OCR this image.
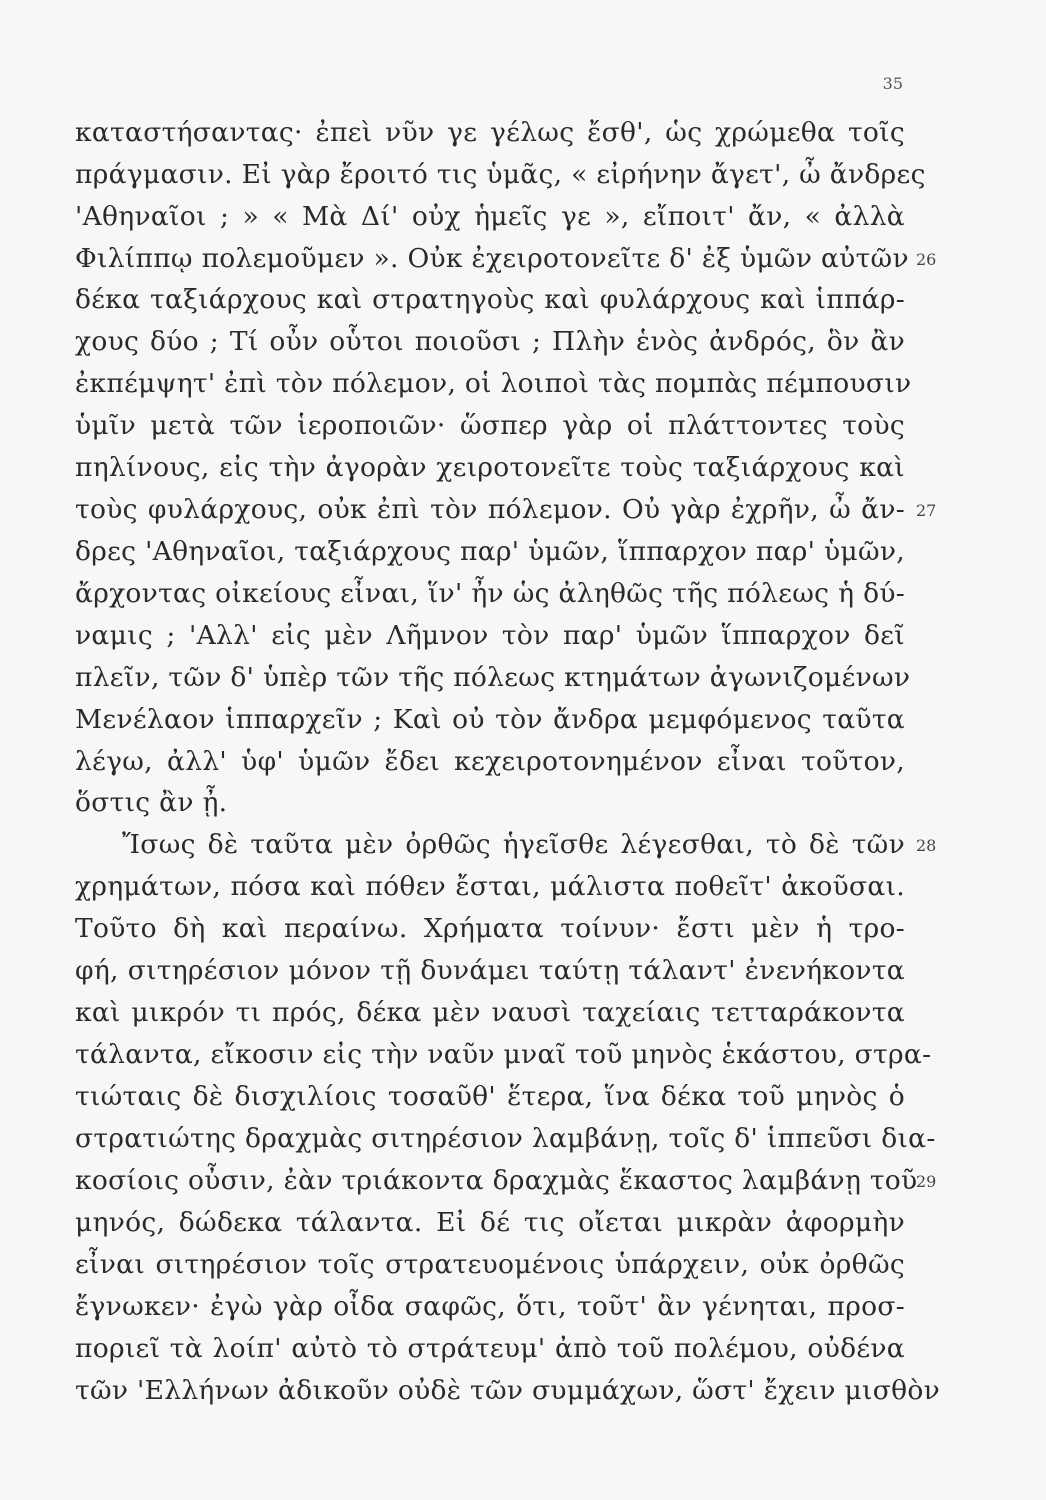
35
καταστήσαντας· ἐπεὶ νῦν γε γέλως ἔσθ', ὡς χρώμεθα τοῖς
πράγμασιν. Εἰ γὰρ ἔροιτό τις ὑμᾶς, « εἰρήνην ἄγετ', ὦ ἄνδρες
'Αθηναῖοι ; » « Μὰ Δί' οὐχ ἡμεῖς γε », εἴποιτ' ἄν, « ἀλλὰ
Φιλίππῳ πολεμοῦμεν ». Οὐκ ἐχειροτονεῖτε δ' ἐξ ὑμῶν αὐτῶν
δέκα ταξιάρχους καὶ στρατηγοὺς καὶ φυλάρχους καὶ ἱππάρ-
χους δύο ; Τί οὖν οὗτοι ποιοῦσι ; Πλὴν ἑνὸς ἀνδρός, ὃν ἂν
ἐκπέμψητ' ἐπὶ τὸν πόλεμον, οἱ λοιποὶ τὰς πομπὰς πέμπουσιν
ὑμῖν μετὰ τῶν ἱεροποιῶν· ὥσπερ γὰρ οἱ πλάττοντες τοὺς
πηλίνους, εἰς τὴν ἀγορὰν χειροτονεῖτε τοὺς ταξιάρχους καὶ
τοὺς φυλάρχους, οὐκ ἐπὶ τὸν πόλεμον. Οὐ γὰρ ἐχρῆν, ὦ ἄν-
δρες 'Αθηναῖοι, ταξιάρχους παρ' ὑμῶν, ἵππαρχον παρ' ὑμῶν,
ἄρχοντας οἰκείους εἶναι, ἵν' ἦν ὡς ἀληθῶς τῆς πόλεως ἡ δύ-
ναμις ; 'Αλλ' εἰς μὲν Λῆμνον τὸν παρ' ὑμῶν ἵππαρχον δεῖ
πλεῖν, τῶν δ' ὑπὲρ τῶν τῆς πόλεως κτημάτων ἀγωνιζομένων
Μενέλαον ἱππαρχεῖν ; Καὶ οὐ τὸν ἄνδρα μεμφόμενος ταῦτα
λέγω, ἀλλ' ὑφ' ὑμῶν ἔδει κεχειροτονημένον εἶναι τοῦτον,
ὅστις ἂν ᾖ.
Ἴσως δὲ ταῦτα μὲν ὀρθῶς ἡγεῖσθε λέγεσθαι, τὸ δὲ τῶν
χρημάτων, πόσα καὶ πόθεν ἔσται, μάλιστα ποθεῖτ' ἀκοῦσαι.
Τοῦτο δὴ καὶ περαίνω. Χρήματα τοίνυν· ἔστι μὲν ἡ τρο-
φή, σιτηρέσιον μόνον τῇ δυνάμει ταύτῃ τάλαντ' ἐνενήκοντα
καὶ μικρόν τι πρός, δέκα μὲν ναυσὶ ταχείαις τετταράκοντα
τάλαντα, εἴκοσιν εἰς τὴν ναῦν μναῖ τοῦ μηνὸς ἑκάστου, στρα-
τιώταις δὲ δισχιλίοις τοσαῦθ' ἕτερα, ἵνα δέκα τοῦ μηνὸς ὁ
στρατιώτης δραχμὰς σιτηρέσιον λαμβάνῃ, τοῖς δ' ἱππεῦσι δια-
κοσίοις οὖσιν, ἐὰν τριάκοντα δραχμὰς ἕκαστος λαμβάνῃ τοῦ
μηνός, δώδεκα τάλαντα. Εἰ δέ τις οἴεται μικρὰν ἀφορμὴν
εἶναι σιτηρέσιον τοῖς στρατευομένοις ὑπάρχειν, οὐκ ὀρθῶς
ἔγνωκεν· ἐγὼ γὰρ οἶδα σαφῶς, ὅτι, τοῦτ' ἂν γένηται, προσ-
ποριεῖ τὰ λοίπ' αὐτὸ τὸ στράτευμ' ἀπὸ τοῦ πολέμου, οὐδένα
τῶν 'Ελλήνων ἀδικοῦν οὐδὲ τῶν συμμάχων, ὥστ' ἔχειν μισθὸν
26
27
28
29
